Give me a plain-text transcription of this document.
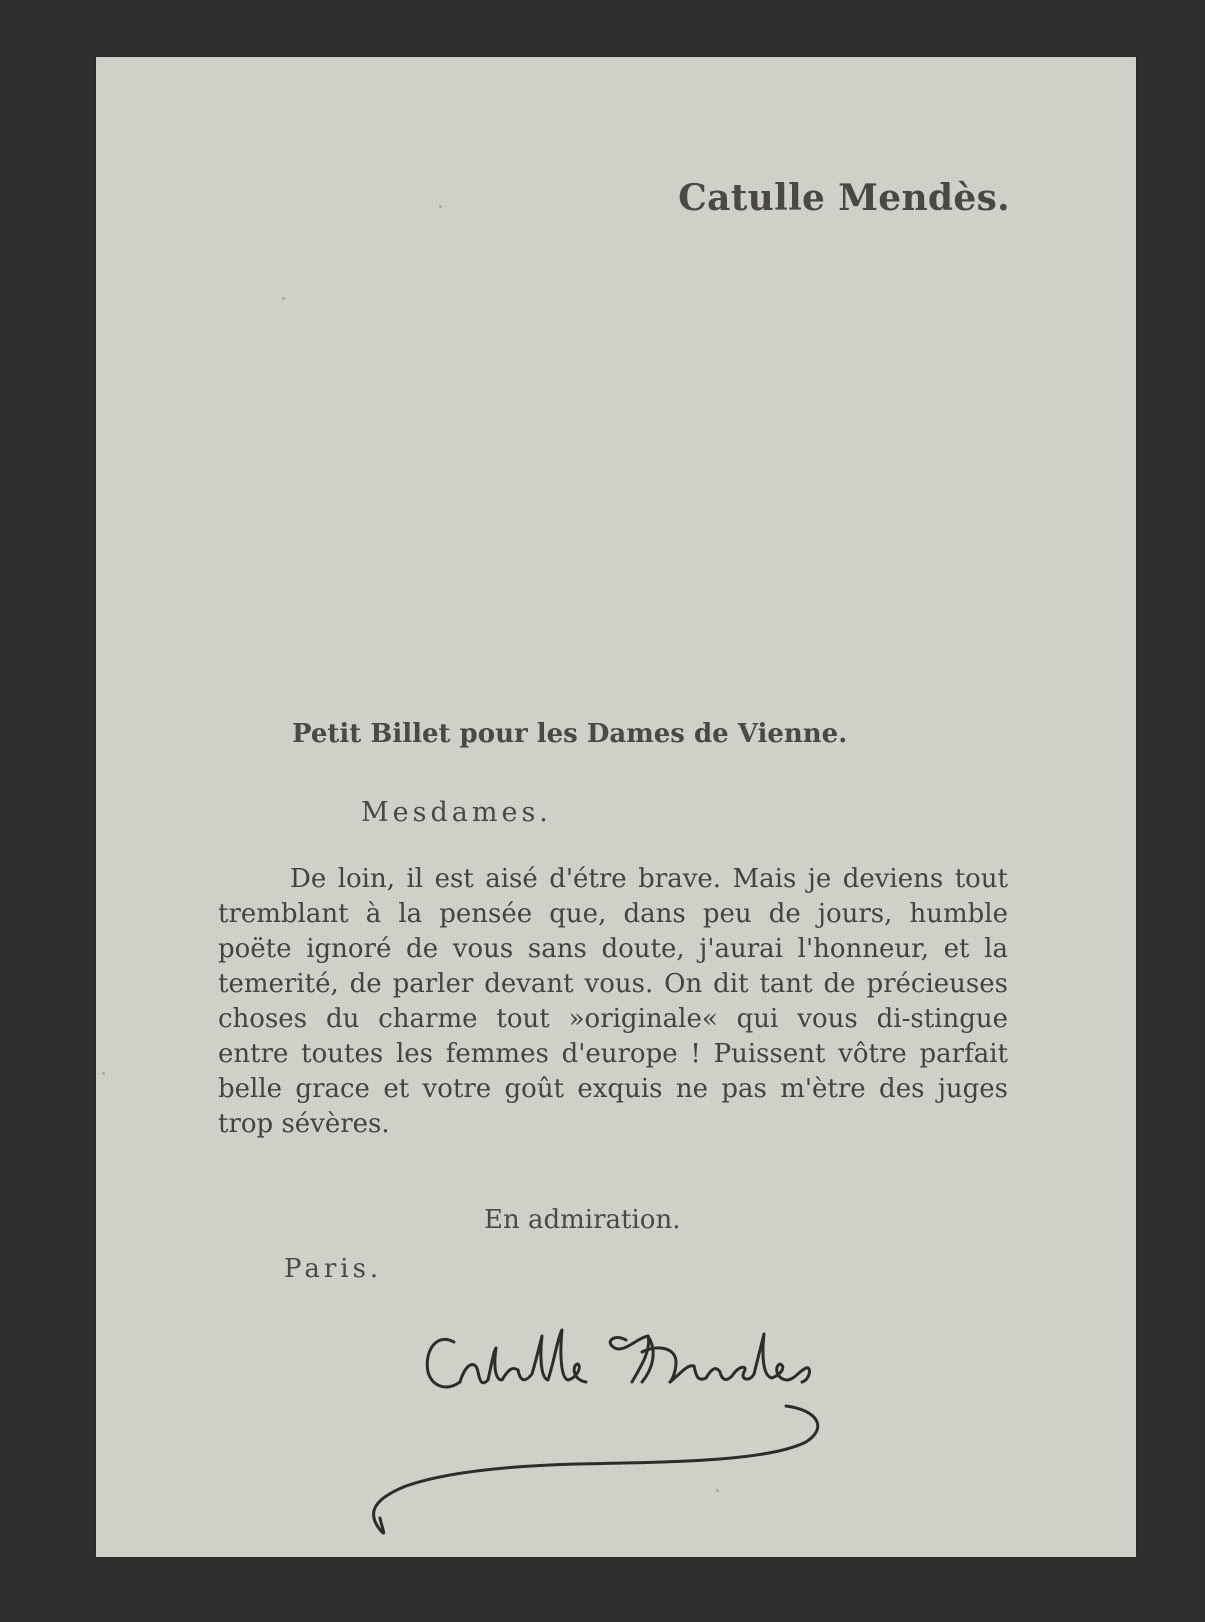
Catulle Mendès.
Petit Billet pour les Dames de Vienne.

Mesdames.

De loin, il est aisé d'étre brave. Mais je deviens tout tremblant à la pensée que, dans peu de jours, humble poëte ignoré de vous sans doute, j'aurai l'honneur, et la temerité, de parler devant vous. On dit tant de précieuses choses du charme tout »originale« qui vous di-stingue entre toutes les femmes d'europe ! Puissent vôtre parfait belle grace et votre goût exquis ne pas m'ètre des juges trop sévères.

En admiration.

Paris.
